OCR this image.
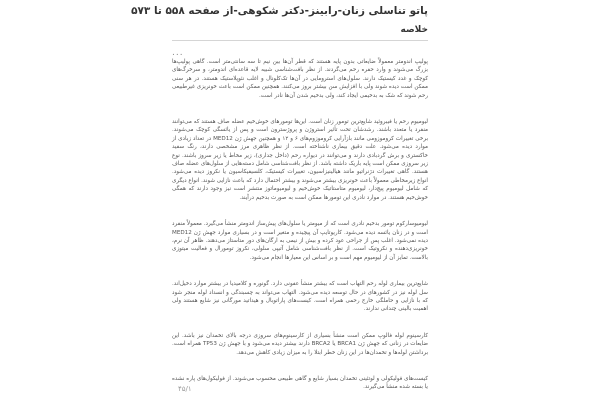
پاتو تناسلی زنان-رابینز-دکتر شکوهی-از صفحه ۵۵۸ تا ۵۷۳
خلاصه
...

پولیپ اندومتر معمولاً ضایعاتی بدون پایه هستند که قطر آن‌ها بین نیم تا سه سانتی‌متر است. گاهی پولیپ‌ها بزرگ می‌شوند و وارد حفره رحم می‌گردند. از نظر بافت‌شناسی شبیه لایه قاعده‌ای اندومتر، و سرخرگ‌های کوچک و غدد کیستیک دارند. سلول‌های استرومایی در آن‌ها تک‌کلونال و اغلب نئوپلاستیک هستند. در هر سنی ممکن است دیده شوند ولی با افزایش سن بیشتر بروز می‌کنند. همچنین ممکن است باعث خونریزی غیرطبیعی رحم شوند که شک به بدخیمی ایجاد کند، ولی بدخیم شدن آن‌ها نادر است.

لیومیوم رحم یا فیبروئید شایع‌ترین تومور زنان است. این‌ها تومورهای خوش‌خیم عضله صاف هستند که می‌توانند منفرد یا متعدد باشند. رشدشان تحت تأثیر استروژن و پروژسترون است و پس از یائسگی کوچک می‌شوند. برخی تغییرات کروموزومی مانند بازآرایی کروموزوم‌های ۶ و ۱۲ و همچنین جهش ژن MED12 در تعداد زیادی از موارد دیده می‌شود. علت دقیق بیماری ناشناخته است. از نظر ظاهری مرز مشخصی دارند، رنگ سفید خاکستری و برش گردبادی دارند و می‌توانند در دیواره رحم (داخل جداری)، زیر مخاط یا زیر سروز باشند. نوع زیر سروزی ممکن است پایه باریک داشته باشد. از نظر بافت‌شناسی شامل دسته‌هایی از سلول‌های عضله صاف هستند. گاهی تغییرات دژنراتیو مانند هیالینیزاسیون، تغییرات کیستیک، کلسیفیکاسیون یا نکروز دیده می‌شود. انواع زیرمخاطی معمولاً باعث خونریزی بیشتر می‌شوند و بیشتر احتمال دارد که باعث نازایی شوند. انواع دیگری که شامل لیومیوم پیچ‌دار، لیومیوم متاستاتیک خوش‌خیم و لیومیوماتوز منتشر است نیز وجود دارند که همگی خوش‌خیم هستند. در موارد نادری این تومورها ممکن است به صورت بدخیم درآیند.

لیومیوسارکوم تومور بدخیم نادری است که از میومتر یا سلول‌های پیش‌ساز اندومتر منشأ می‌گیرد. معمولاً منفرد است و در زنان یائسه دیده می‌شود. کاریوتایپ آن پیچیده و متغیر است و در بسیاری موارد جهش ژن MED12 دیده نمی‌شود. اغلب پس از جراحی عود کرده و بیش از نیمی به ارگان‌های دور متاستاز می‌دهند. ظاهر آن نرم، خونریزی‌دهنده و نکروتیک است. از نظر بافت‌شناسی شامل آتیپی سلولی، نکروز تومورال و فعالیت میتوزی بالاست. تمایز آن از لیومیوم مهم است و بر اساس این معیارها انجام می‌شود.

شایع‌ترین بیماری لوله رحم التهاب است که بیشتر منشأ عفونی دارد. گونوره و کلامیدیا در بیشتر موارد دخیل‌اند. سل لوله نیز در کشورهای در حال توسعه دیده می‌شود. التهاب می‌تواند به چسبندگی و انسداد لوله منجر شود که با نازایی و حاملگی خارج رحمی همراه است. کیست‌های پاراتوبال و هیداتید مورگانی نیز شایع هستند ولی اهمیت بالینی چندانی ندارند.

کارسینوم لوله فالوپ ممکن است منشأ بسیاری از کارسینوم‌های سروزی درجه بالای تخمدان نیز باشد. این ضایعات در زنانی که جهش ژن BRCA1 یا BRCA2 دارند بیشتر دیده می‌شود و با جهش ژن TP53 همراه است. برداشتن لوله‌ها و تخمدان‌ها در این زنان خطر ابتلا را به میزان زیادی کاهش می‌دهد.

کیست‌های فولیکولی و لوتئینی تخمدان بسیار شایع و گاهی طبیعی محسوب می‌شوند. از فولیکول‌های پاره نشده یا بسته شده منشأ می‌گیرند.

۴۵/۱
